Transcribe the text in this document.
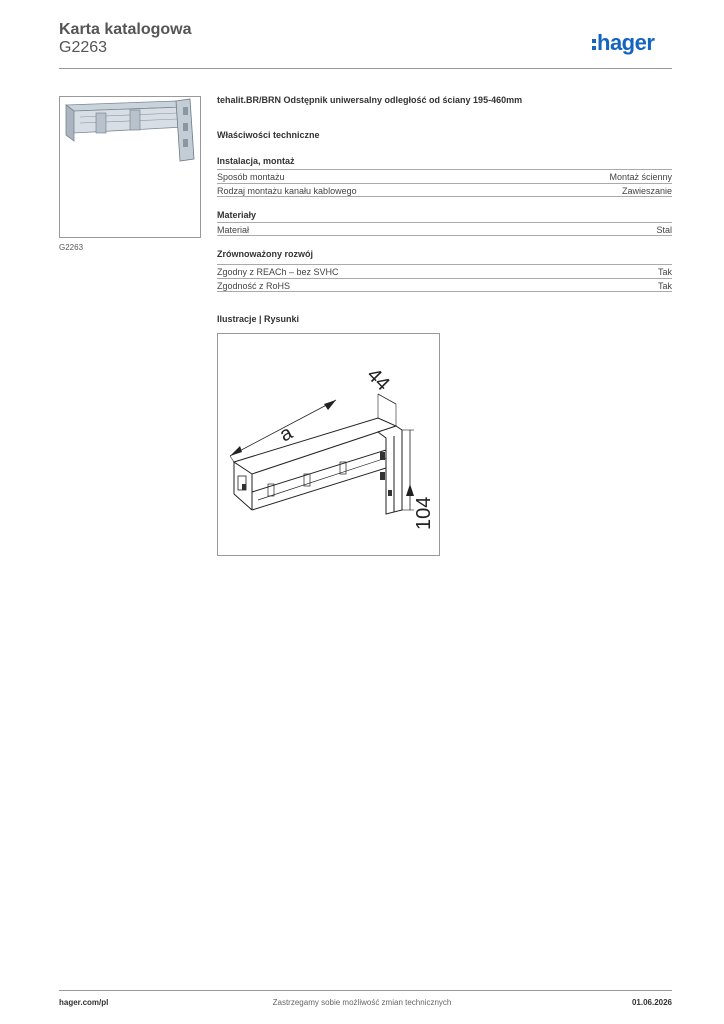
Karta katalogowa
G2263	hager
G2263
tehalit.BR/BRN Odstępnik uniwersalny odległość od ściany 195-460mm
Właściwości techniczne
Instalacja, montaż
Sposób montażu	Montaż ścienny
Rodzaj montażu kanału kablowego	Zawieszanie
Materiały
Materiał	Stal
Zrównoważony rozwój
Zgodny z REACh – bez SVHC	Tak
Zgodność z RoHS	Tak
Ilustracje | Rysunki
a
44
104
hager.com/pl	Zastrzegamy sobie możliwość zmian technicznych	01.06.2026
